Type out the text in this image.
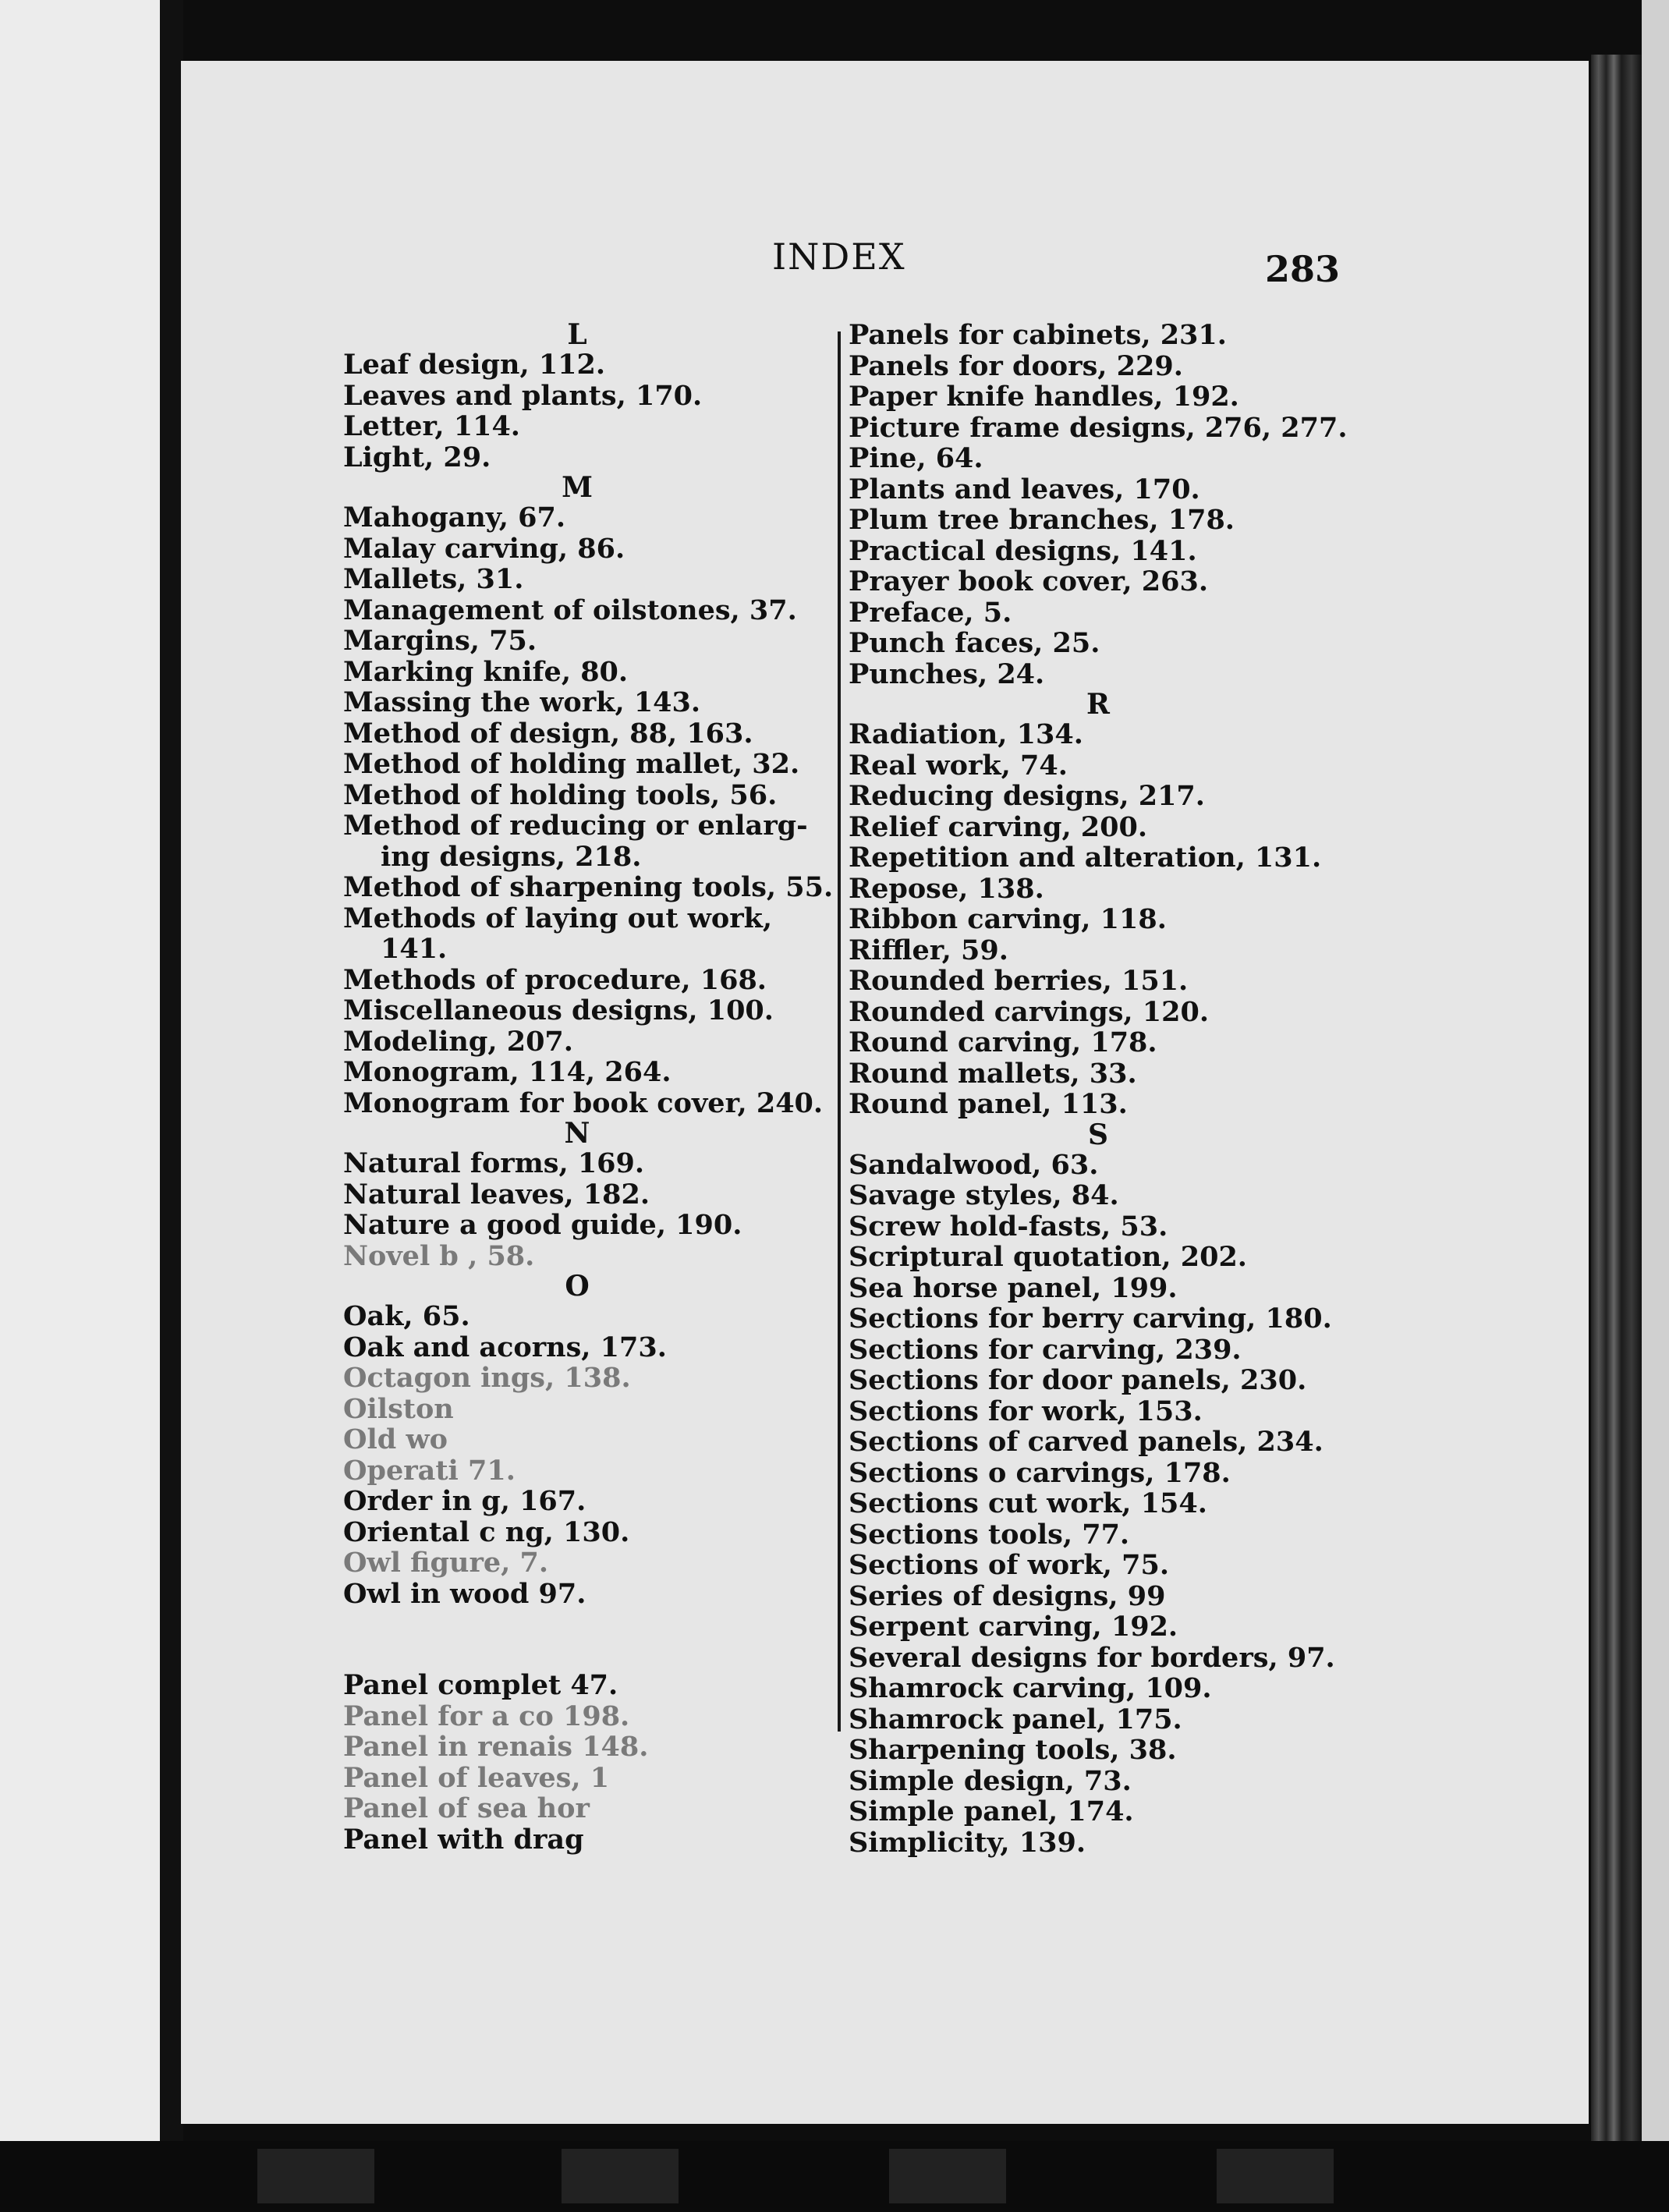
INDEX	283
L
Leaf design, 112.
Leaves and plants, 170.
Letter, 114.
Light, 29.
M
Mahogany, 67.
Malay carving, 86.
Mallets, 31.
Management of oilstones, 37.
Margins, 75.
Marking knife, 80.
Massing the work, 143.
Method of design, 88, 163.
Method of holding mallet, 32.
Method of holding tools, 56.
Method of reducing or enlarg-
ing designs, 218.
Method of sharpening tools, 55.
Methods of laying out work,
141.
Methods of procedure, 168.
Miscellaneous designs, 100.
Modeling, 207.
Monogram, 114, 264.
Monogram for book cover, 240.
N
Natural forms, 169.
Natural leaves, 182.
Nature a good guide, 190.
Novel b , 58.
O
Oak, 65.
Oak and acorns, 173.
Octagon ings, 138.
Oilston
Old wo
Operati 71.
Order in g, 167.
Oriental c ng, 130.
Owl figure, 7.
Owl in wood 97.
Panel complet 47.
Panel for a co 198.
Panel in renais 148.
Panel of leaves, 1
Panel of sea hor
Panel with drag
Panels for cabinets, 231.
Panels for doors, 229.
Paper knife handles, 192.
Picture frame designs, 276, 277.
Pine, 64.
Plants and leaves, 170.
Plum tree branches, 178.
Practical designs, 141.
Prayer book cover, 263.
Preface, 5.
Punch faces, 25.
Punches, 24.
R
Radiation, 134.
Real work, 74.
Reducing designs, 217.
Relief carving, 200.
Repetition and alteration, 131.
Repose, 138.
Ribbon carving, 118.
Riffler, 59.
Rounded berries, 151.
Rounded carvings, 120.
Round carving, 178.
Round mallets, 33.
Round panel, 113.
S
Sandalwood, 63.
Savage styles, 84.
Screw hold-fasts, 53.
Scriptural quotation, 202.
Sea horse panel, 199.
Sections for berry carving, 180.
Sections for carving, 239.
Sections for door panels, 230.
Sections for work, 153.
Sections of carved panels, 234.
Sections o carvings, 178.
Sections cut work, 154.
Sections tools, 77.
Sections of work, 75.
Series of designs, 99
Serpent carving, 192.
Several designs for borders, 97.
Shamrock carving, 109.
Shamrock panel, 175.
Sharpening tools, 38.
Simple design, 73.
Simple panel, 174.
Simplicity, 139.
